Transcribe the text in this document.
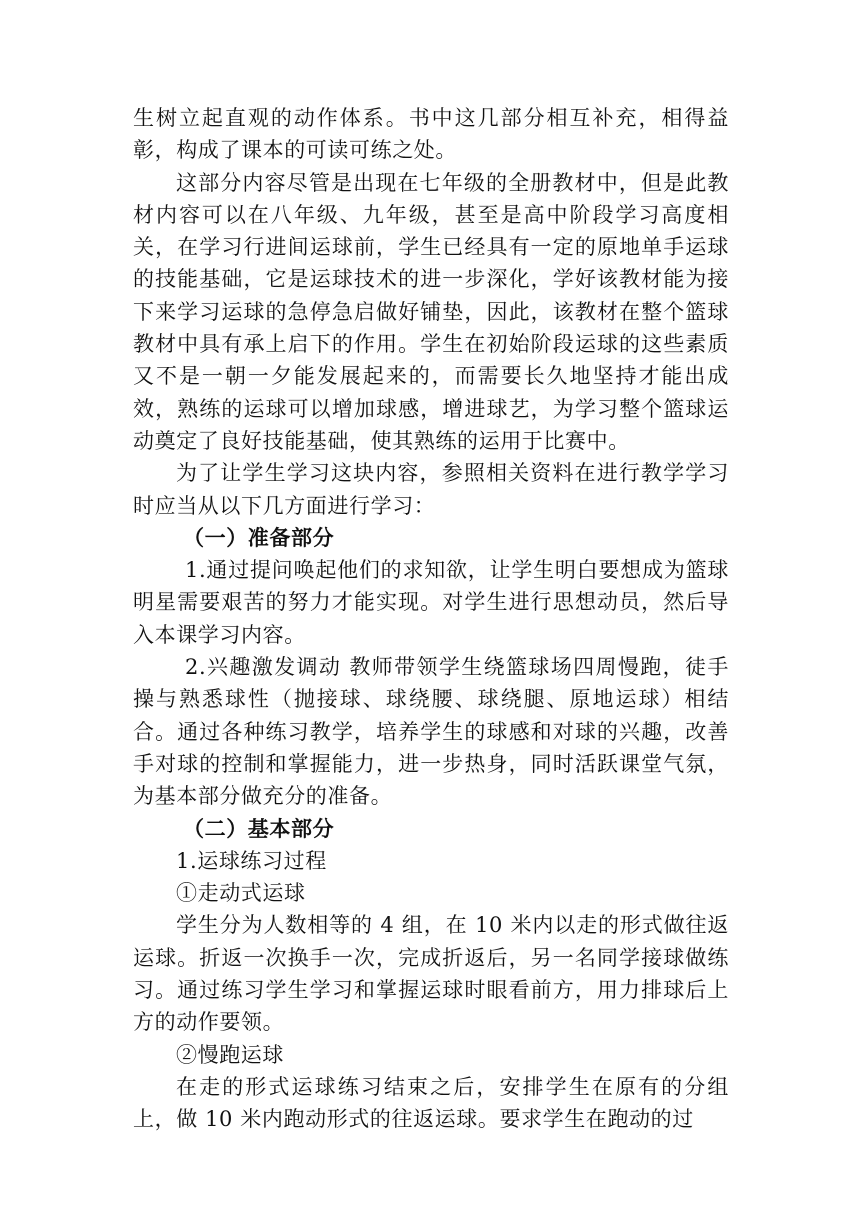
生树立起直观的动作体系。书中这几部分相互补充，相得益彰，构成了课本的可读可练之处。

这部分内容尽管是出现在七年级的全册教材中，但是此教材内容可以在八年级、九年级，甚至是高中阶段学习高度相关，在学习行进间运球前，学生已经具有一定的原地单手运球的技能基础，它是运球技术的进一步深化，学好该教材能为接下来学习运球的急停急启做好铺垫，因此，该教材在整个篮球教材中具有承上启下的作用。学生在初始阶段运球的这些素质又不是一朝一夕能发展起来的，而需要长久地坚持才能出成效，熟练的运球可以增加球感，增进球艺，为学习整个篮球运动奠定了良好技能基础，使其熟练的运用于比赛中。

为了让学生学习这块内容，参照相关资料在进行教学学习时应当从以下几方面进行学习：

（一）准备部分

1.通过提问唤起他们的求知欲，让学生明白要想成为篮球明星需要艰苦的努力才能实现。对学生进行思想动员，然后导入本课学习内容。

2.兴趣激发调动 教师带领学生绕篮球场四周慢跑，徒手操与熟悉球性（抛接球、球绕腰、球绕腿、原地运球）相结合。通过各种练习教学，培养学生的球感和对球的兴趣，改善手对球的控制和掌握能力，进一步热身，同时活跃课堂气氛，为基本部分做充分的准备。

（二）基本部分

1.运球练习过程

①走动式运球

学生分为人数相等的 4 组，在 10 米内以走的形式做往返运球。折返一次换手一次，完成折返后，另一名同学接球做练习。通过练习学生学习和掌握运球时眼看前方，用力排球后上方的动作要领。

②慢跑运球

在走的形式运球练习结束之后，安排学生在原有的分组上，做 10 米内跑动形式的往返运球。要求学生在跑动的过
